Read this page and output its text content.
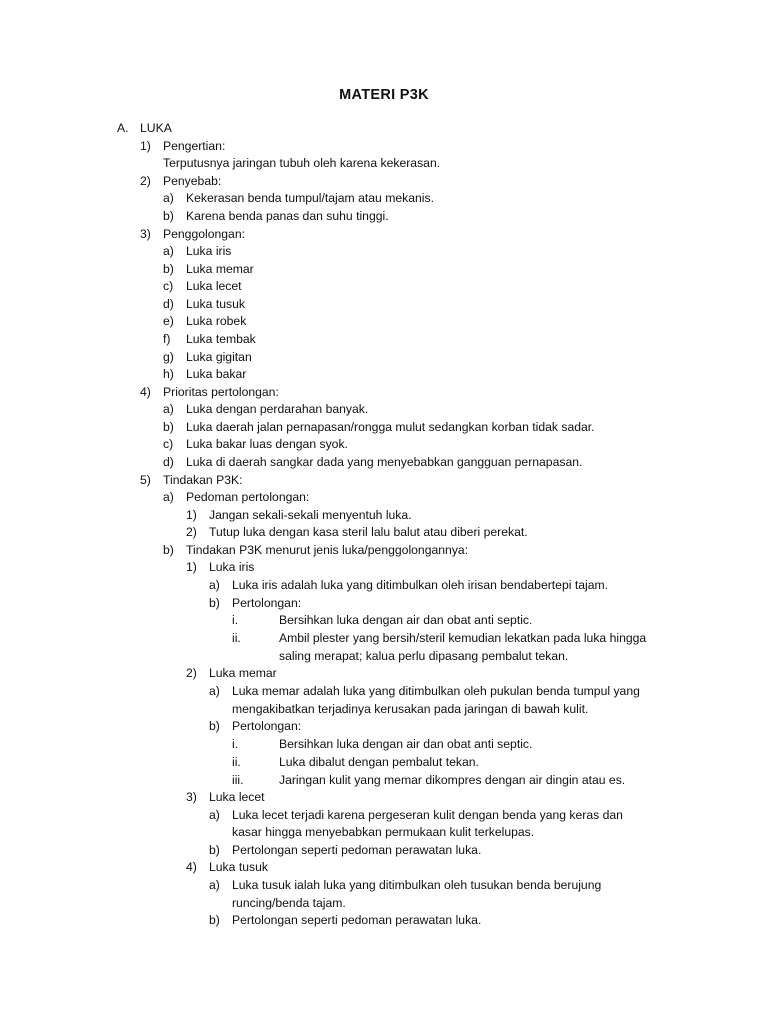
MATERI P3K
A. LUKA
1) Pengertian:
Terputusnya jaringan tubuh oleh karena kekerasan.
2) Penyebab:
a) Kekerasan benda tumpul/tajam atau mekanis.
b) Karena benda panas dan suhu tinggi.
3) Penggolongan:
a) Luka iris
b) Luka memar
c) Luka lecet
d) Luka tusuk
e) Luka robek
f) Luka tembak
g) Luka gigitan
h) Luka bakar
4) Prioritas pertolongan:
a) Luka dengan perdarahan banyak.
b) Luka daerah jalan pernapasan/rongga mulut sedangkan korban tidak sadar.
c) Luka bakar luas dengan syok.
d) Luka di daerah sangkar dada yang menyebabkan gangguan pernapasan.
5) Tindakan P3K:
a) Pedoman pertolongan:
1) Jangan sekali-sekali menyentuh luka.
2) Tutup luka dengan kasa steril lalu balut atau diberi perekat.
b) Tindakan P3K menurut jenis luka/penggolongannya:
1) Luka iris
a) Luka iris adalah luka yang ditimbulkan oleh irisan bendabertepi tajam.
b) Pertolongan:
i.	Bersihkan luka dengan air dan obat anti septic.
ii.	Ambil plester yang bersih/steril kemudian lekatkan pada luka hingga
saling merapat; kalua perlu dipasang pembalut tekan.
2) Luka memar
a) Luka memar adalah luka yang ditimbulkan oleh pukulan benda tumpul yang
mengakibatkan terjadinya kerusakan pada jaringan di bawah kulit.
b) Pertolongan:
i.	Bersihkan luka dengan air dan obat anti septic.
ii.	Luka dibalut dengan pembalut tekan.
iii.	Jaringan kulit yang memar dikompres dengan air dingin atau es.
3) Luka lecet
a) Luka lecet terjadi karena pergeseran kulit dengan benda yang keras dan
kasar hingga menyebabkan permukaan kulit terkelupas.
b) Pertolongan seperti pedoman perawatan luka.
4) Luka tusuk
a) Luka tusuk ialah luka yang ditimbulkan oleh tusukan benda berujung
runcing/benda tajam.
b) Pertolongan seperti pedoman perawatan luka.
